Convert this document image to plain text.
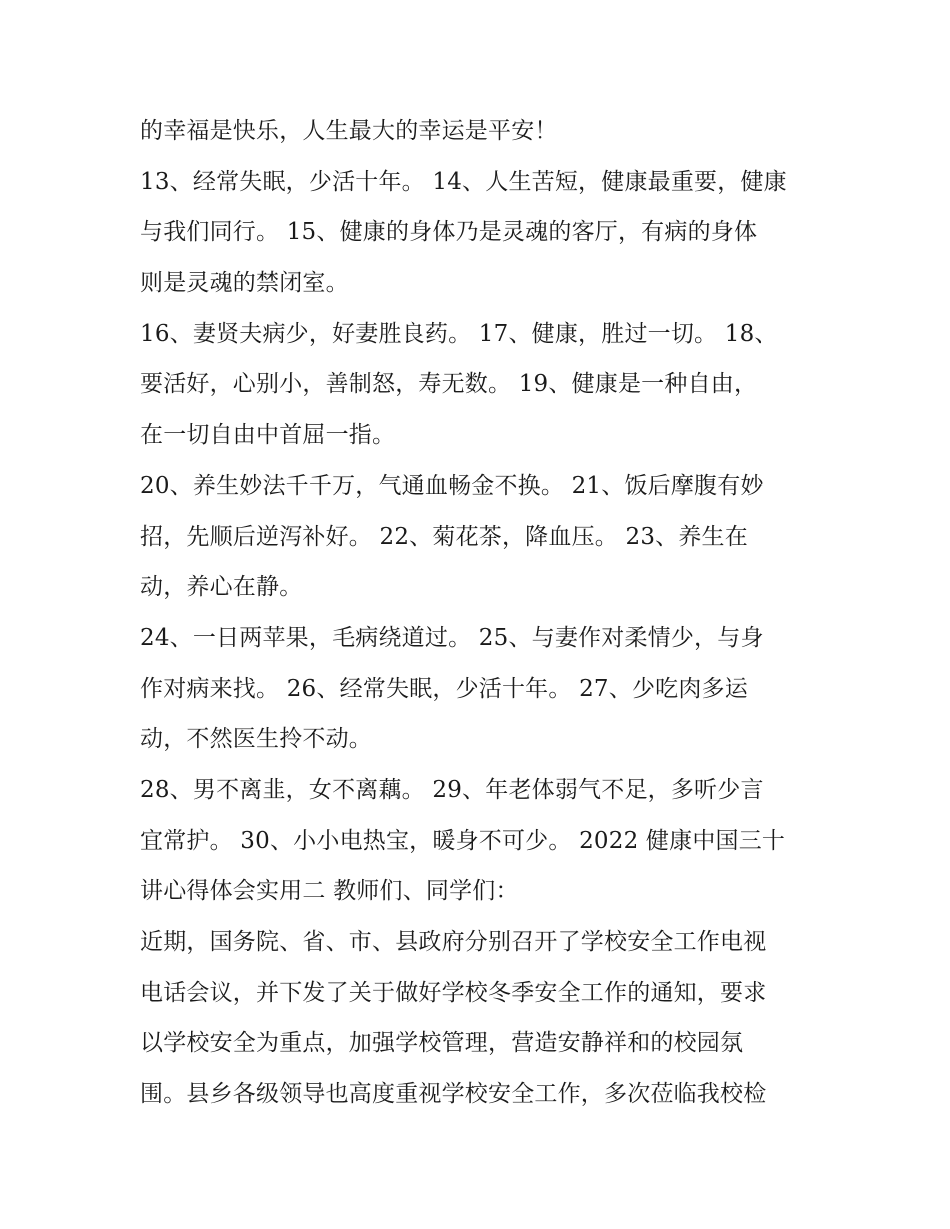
的幸福是快乐，人生最大的幸运是平安！
13、经常失眠，少活十年。 14、人生苦短，健康最重要，健康
与我们同行。 15、健康的身体乃是灵魂的客厅，有病的身体
则是灵魂的禁闭室。
16、妻贤夫病少，好妻胜良药。 17、健康，胜过一切。 18、
要活好，心别小，善制怒，寿无数。 19、健康是一种自由，
在一切自由中首屈一指。
20、养生妙法千千万，气通血畅金不换。 21、饭后摩腹有妙
招，先顺后逆泻补好。 22、菊花茶，降血压。 23、养生在
动，养心在静。
24、一日两苹果，毛病绕道过。 25、与妻作对柔情少，与身
作对病来找。 26、经常失眠，少活十年。 27、少吃肉多运
动，不然医生拎不动。
28、男不离韭，女不离藕。 29、年老体弱气不足，多听少言
宜常护。 30、小小电热宝，暖身不可少。 2022 健康中国三十
讲心得体会实用二 教师们、同学们：
近期，国务院、省、市、县政府分别召开了学校安全工作电视
电话会议，并下发了关于做好学校冬季安全工作的通知，要求
以学校安全为重点，加强学校管理，营造安静祥和的校园氛
围。县乡各级领导也高度重视学校安全工作，多次莅临我校检
